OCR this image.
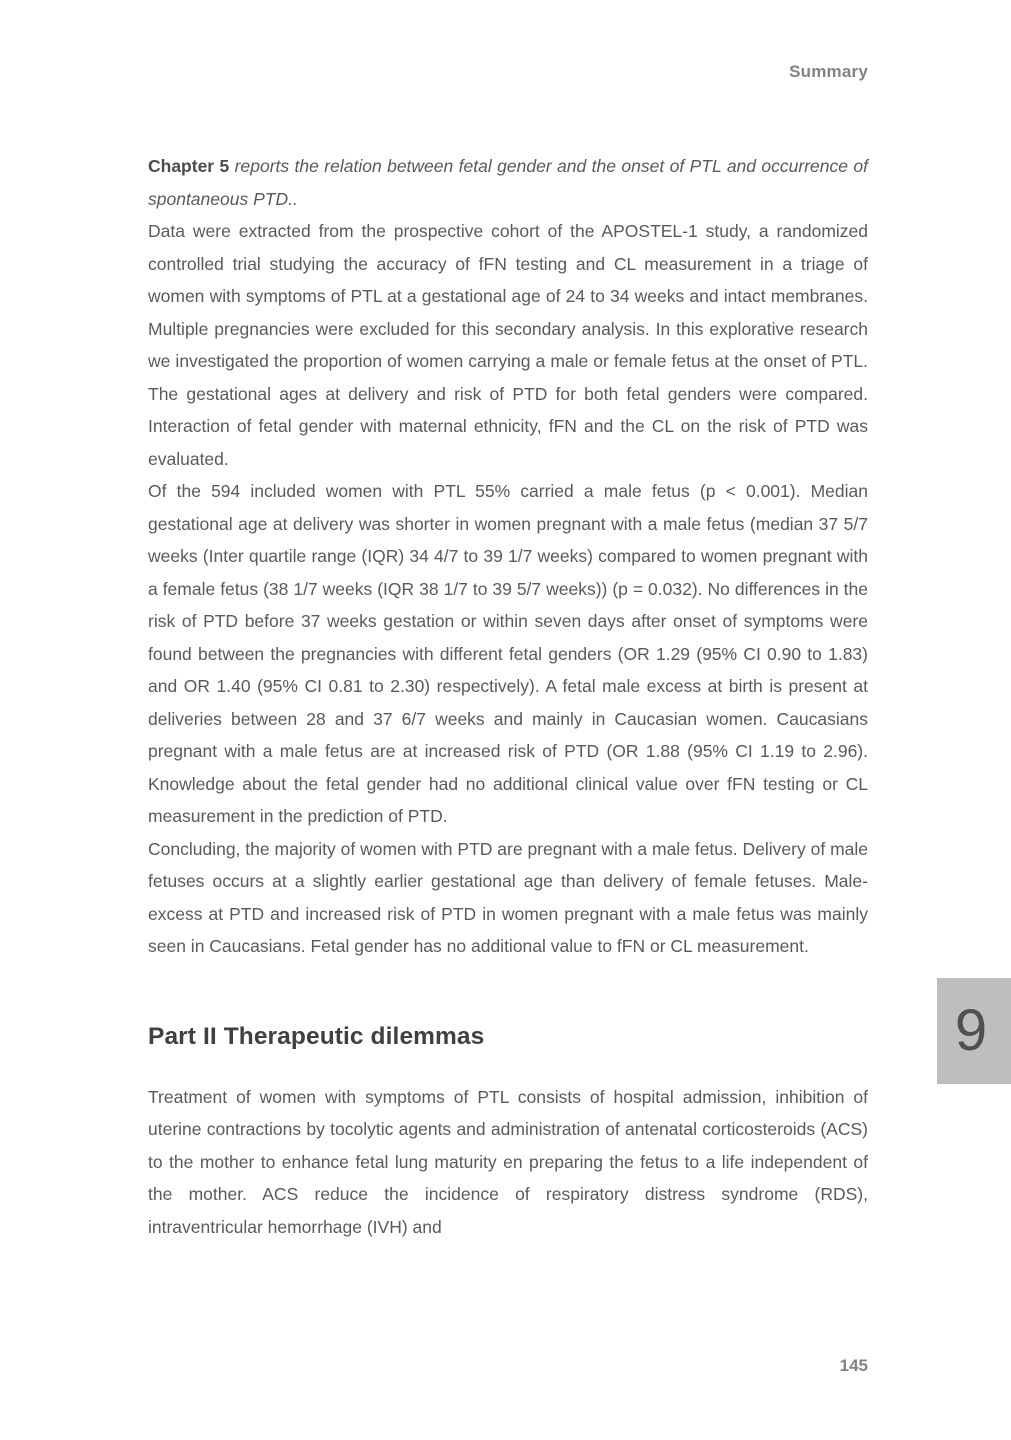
Summary

Chapter 5 reports the relation between fetal gender and the onset of PTL and occurrence of spontaneous PTD..

Data were extracted from the prospective cohort of the APOSTEL-1 study, a randomized controlled trial studying the accuracy of fFN testing and CL measurement in a triage of women with symptoms of PTL at a gestational age of 24 to 34 weeks and intact membranes. Multiple pregnancies were excluded for this secondary analysis. In this explorative research we investigated the proportion of women carrying a male or female fetus at the onset of PTL. The gestational ages at delivery and risk of PTD for both fetal genders were compared. Interaction of fetal gender with maternal ethnicity, fFN and the CL on the risk of PTD was evaluated.

Of the 594 included women with PTL 55% carried a male fetus (p < 0.001). Median gestational age at delivery was shorter in women pregnant with a male fetus (median 37 5/7 weeks (Inter quartile range (IQR) 34 4/7 to 39 1/7 weeks) compared to women pregnant with a female fetus (38 1/7 weeks (IQR 38 1/7 to 39 5/7 weeks)) (p = 0.032). No differences in the risk of PTD before 37 weeks gestation or within seven days after onset of symptoms were found between the pregnancies with different fetal genders (OR 1.29 (95% CI 0.90 to 1.83) and OR 1.40 (95% CI 0.81 to 2.30) respectively). A fetal male excess at birth is present at deliveries between 28 and 37 6/7 weeks and mainly in Caucasian women. Caucasians pregnant with a male fetus are at increased risk of PTD (OR 1.88 (95% CI 1.19 to 2.96). Knowledge about the fetal gender had no additional clinical value over fFN testing or CL measurement in the prediction of PTD.

Concluding, the majority of women with PTD are pregnant with a male fetus. Delivery of male fetuses occurs at a slightly earlier gestational age than delivery of female fetuses. Male-excess at PTD and increased risk of PTD in women pregnant with a male fetus was mainly seen in Caucasians. Fetal gender has no additional value to fFN or CL measurement.

Part II Therapeutic dilemmas

Treatment of women with symptoms of PTL consists of hospital admission, inhibition of uterine contractions by tocolytic agents and administration of antenatal corticosteroids (ACS) to the mother to enhance fetal lung maturity en preparing the fetus to a life independent of the mother. ACS reduce the incidence of respiratory distress syndrome (RDS), intraventricular hemorrhage (IVH) and

9
145
